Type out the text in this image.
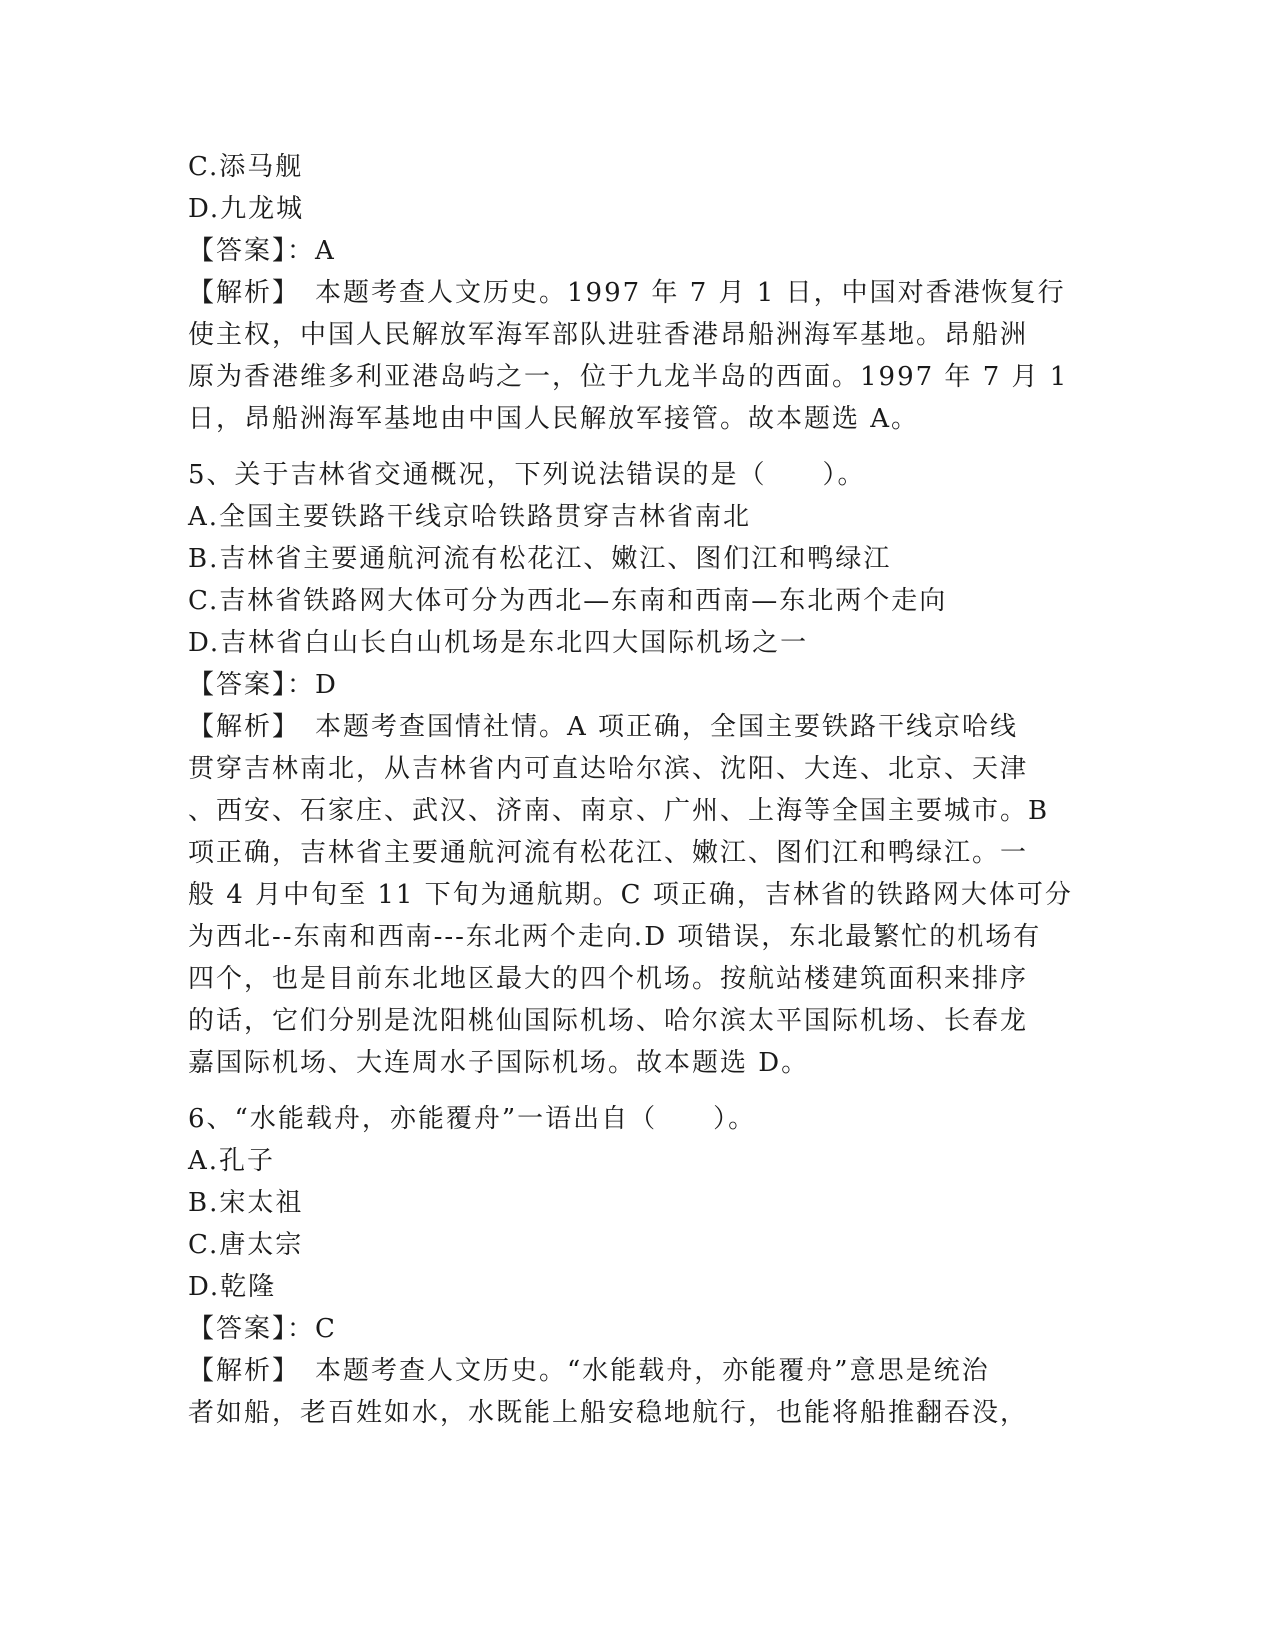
C.添马舰
D.九龙城
【答案】：A
【解析】　本题考查人文历史。1997 年 7 月 1 日，中国对香港恢复行
使主权，中国人民解放军海军部队进驻香港昂船洲海军基地。昂船洲
原为香港维多利亚港岛屿之一，位于九龙半岛的西面。1997 年 7 月 1
日，昂船洲海军基地由中国人民解放军接管。故本题选 A。
5、关于吉林省交通概况，下列说法错误的是（　　）。
A.全国主要铁路干线京哈铁路贯穿吉林省南北
B.吉林省主要通航河流有松花江、嫩江、图们江和鸭绿江
C.吉林省铁路网大体可分为西北—东南和西南—东北两个走向
D.吉林省白山长白山机场是东北四大国际机场之一
【答案】：D
【解析】　本题考查国情社情。A 项正确，全国主要铁路干线京哈线
贯穿吉林南北，从吉林省内可直达哈尔滨、沈阳、大连、北京、天津
、西安、石家庄、武汉、济南、南京、广州、上海等全国主要城市。B
项正确，吉林省主要通航河流有松花江、嫩江、图们江和鸭绿江。一
般 4 月中旬至 11 下旬为通航期。C 项正确，吉林省的铁路网大体可分
为西北--东南和西南---东北两个走向.D 项错误，东北最繁忙的机场有
四个，也是目前东北地区最大的四个机场。按航站楼建筑面积来排序
的话，它们分别是沈阳桃仙国际机场、哈尔滨太平国际机场、长春龙
嘉国际机场、大连周水子国际机场。故本题选 D。
6、“水能载舟，亦能覆舟”一语出自（　　）。
A.孔子
B.宋太祖
C.唐太宗
D.乾隆
【答案】：C
【解析】　本题考查人文历史。“水能载舟，亦能覆舟”意思是统治
者如船，老百姓如水，水既能上船安稳地航行，也能将船推翻吞没，
